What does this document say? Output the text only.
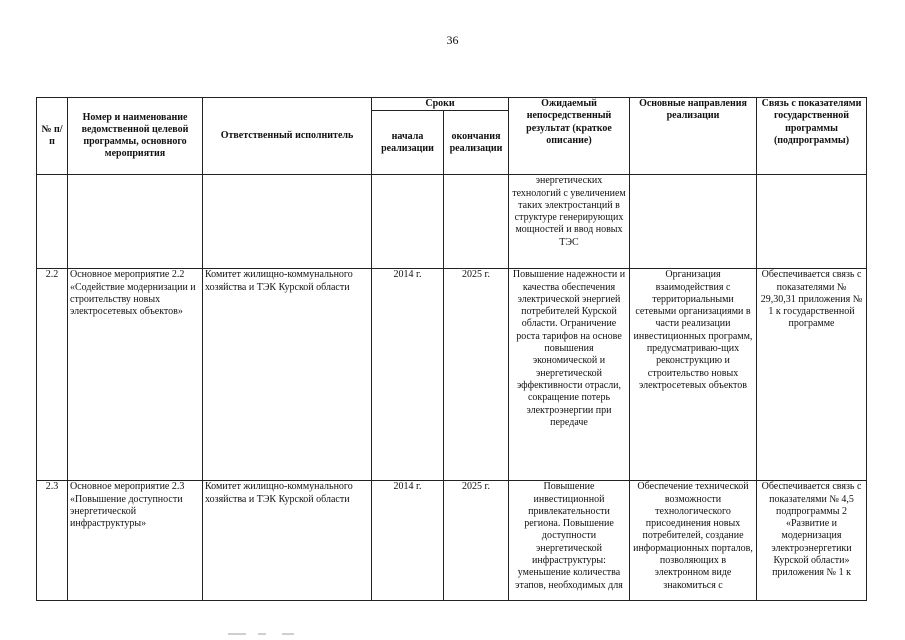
36
№ п/п	Номер и наименование ведомственной целевой программы, основного мероприятия	Ответственный исполнитель	Сроки		Ожидаемый непосредственный результат (краткое описание)	Основные направления реализации	Связь с показателями государственной программы (подпрограммы)
			начала реализации	окончания реализации			
					энергетических технологий с увеличением таких электростанций в структуре генерирующих мощностей и ввод новых ТЭС		
2.2	Основное мероприятие 2.2 «Содействие модернизации и строительству новых электросетевых объектов»	Комитет жилищно-коммунального хозяйства и ТЭК Курской области	2014 г.	2025 г.	Повышение надежности и качества обеспечения электрической энергией потребителей Курской области. Ограничение роста тарифов на основе повышения экономической и энергетической эффективности отрасли, сокращение потерь электроэнергии при передаче	Организация взаимодействия с территориальными сетевыми организациями в части реализации инвестиционных программ, предусматриваю-щих реконструкцию и строительство новых электросетевых объектов	Обеспечивается связь с показателями № 29,30,31 приложения № 1 к государственной программе
2.3	Основное мероприятие 2.3 «Повышение доступности энергетической инфраструктуры»	Комитет жилищно-коммунального хозяйства и ТЭК Курской области	2014 г.	2025 г.	Повышение инвестиционной привлекательности региона. Повышение доступности энергетической инфраструктуры: уменьшение количества этапов, необходимых для	Обеспечение технической возможности технологического присоединения новых потребителей, создание информационных порталов, позволяющих в электронном виде знакомиться с	Обеспечивается связь с показателями № 4,5 подпрограммы 2 «Развитие и модернизация электроэнергетики Курской области» приложения № 1 к
